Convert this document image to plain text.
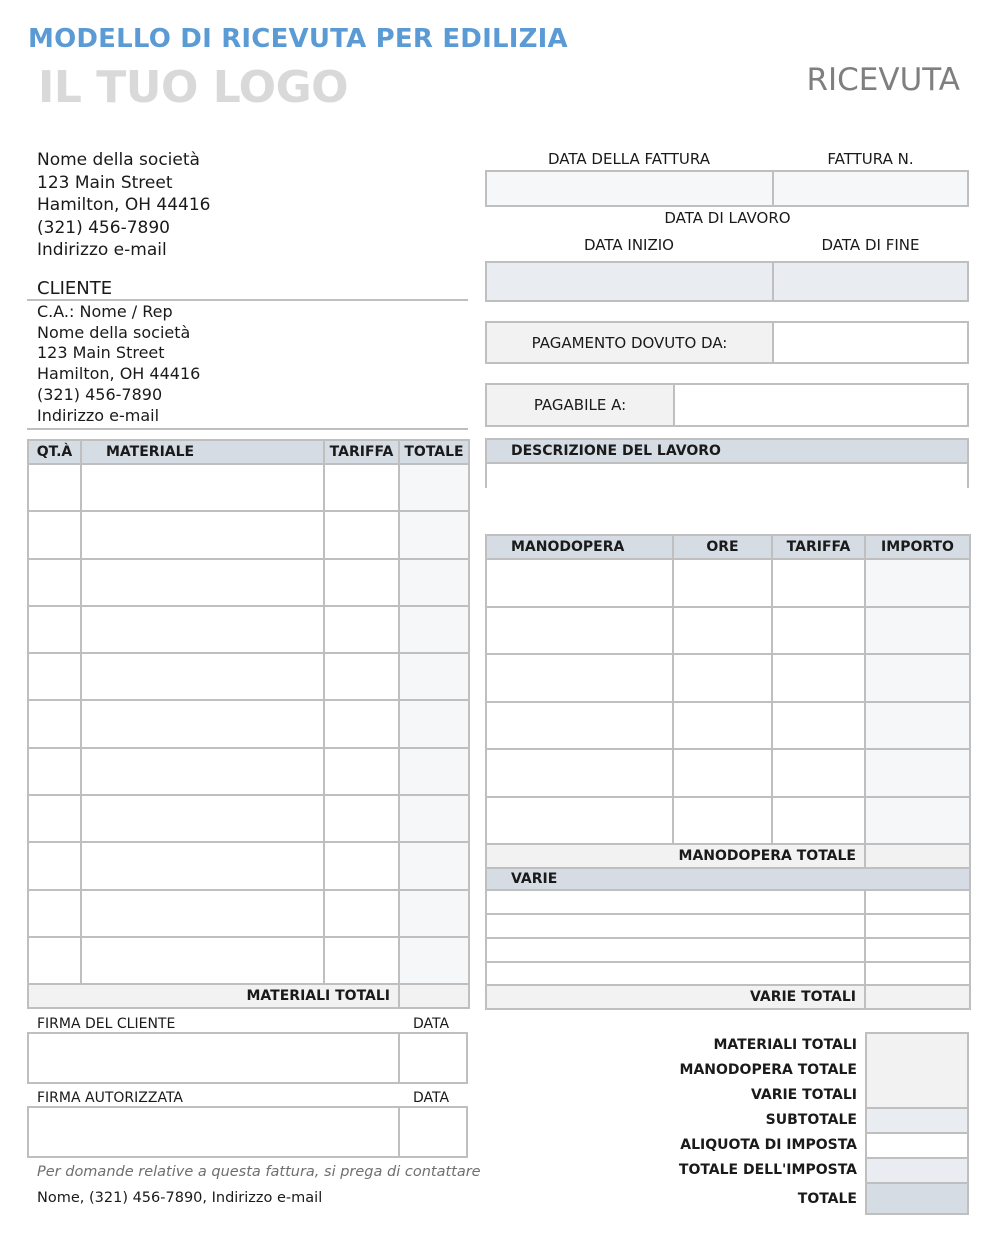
MODELLO DI RICEVUTA PER EDILIZIA
IL TUO LOGO	RICEVUTA
Nome della società
123 Main Street
Hamilton, OH 44416
(321) 456-7890
Indirizzo e-mail
CLIENTE
C.A.: Nome / Rep
Nome della società
123 Main Street
Hamilton, OH 44416
(321) 456-7890
Indirizzo e-mail
DATA DELLA FATTURA	FATTURA N.
DATA DI LAVORO
DATA INIZIO	DATA DI FINE
PAGAMENTO DOVUTO DA:
PAGABILE A:
DESCRIZIONE DEL LAVORO
QT.À	MATERIALE	TARIFFA	TOTALE

MATERIALI TOTALI			
MANODOPERA	ORE	TARIFFA	IMPORTO

MANODOPERA TOTALE			
VARIE			

VARIE TOTALI			
FIRMA DEL CLIENTE	DATA
FIRMA AUTORIZZATA	DATA
Per domande relative a questa fattura, si prega di contattare
Nome, (321) 456-7890, Indirizzo e-mail
MATERIALI TOTALI
MANODOPERA TOTALE
VARIE TOTALI
SUBTOTALE
ALIQUOTA DI IMPOSTA
TOTALE DELL'IMPOSTA
TOTALE
